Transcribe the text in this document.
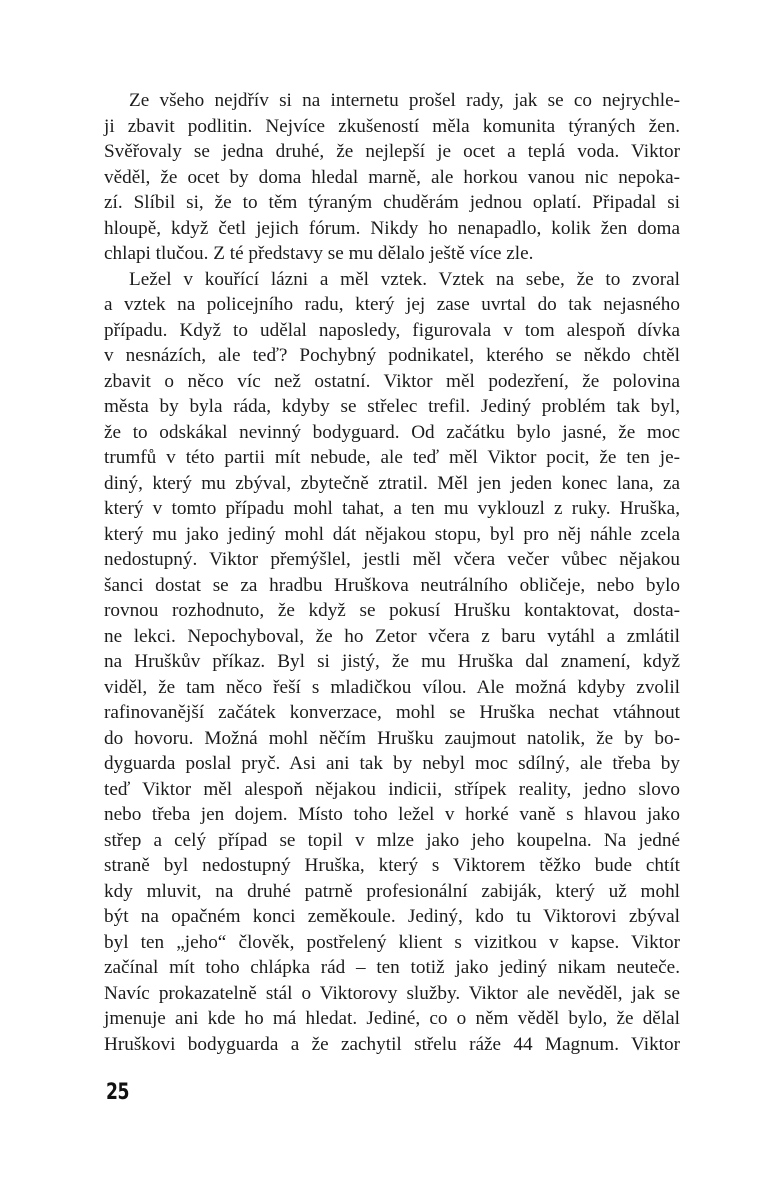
Ze všeho nejdřív si na internetu prošel rady, jak se co nejrychle-
ji zbavit podlitin. Nejvíce zkušeností měla komunita týraných žen.
Svěřovaly se jedna druhé, že nejlepší je ocet a teplá voda. Viktor
věděl, že ocet by doma hledal marně, ale horkou vanou nic nepoka-
zí. Slíbil si, že to těm týraným chuděrám jednou oplatí. Připadal si
hloupě, když četl jejich fórum. Nikdy ho nenapadlo, kolik žen doma
chlapi tlučou. Z té představy se mu dělalo ještě více zle.
Ležel v kouřící lázni a měl vztek. Vztek na sebe, že to zvoral
a vztek na policejního radu, který jej zase uvrtal do tak nejasného
případu. Když to udělal naposledy, figurovala v tom alespoň dívka
v nesnázích, ale teď? Pochybný podnikatel, kterého se někdo chtěl
zbavit o něco víc než ostatní. Viktor měl podezření, že polovina
města by byla ráda, kdyby se střelec trefil. Jediný problém tak byl,
že to odskákal nevinný bodyguard. Od začátku bylo jasné, že moc
trumfů v této partii mít nebude, ale teď měl Viktor pocit, že ten je-
diný, který mu zbýval, zbytečně ztratil. Měl jen jeden konec lana, za
který v tomto případu mohl tahat, a ten mu vyklouzl z ruky. Hruška,
který mu jako jediný mohl dát nějakou stopu, byl pro něj náhle zcela
nedostupný. Viktor přemýšlel, jestli měl včera večer vůbec nějakou
šanci dostat se za hradbu Hruškova neutrálního obličeje, nebo bylo
rovnou rozhodnuto, že když se pokusí Hrušku kontaktovat, dosta-
ne lekci. Nepochyboval, že ho Zetor včera z baru vytáhl a zmlátil
na Hruškův příkaz. Byl si jistý, že mu Hruška dal znamení, když
viděl, že tam něco řeší s mladičkou vílou. Ale možná kdyby zvolil
rafinovanější začátek konverzace, mohl se Hruška nechat vtáhnout
do hovoru. Možná mohl něčím Hrušku zaujmout natolik, že by bo-
dyguarda poslal pryč. Asi ani tak by nebyl moc sdílný, ale třeba by
teď Viktor měl alespoň nějakou indicii, střípek reality, jedno slovo
nebo třeba jen dojem. Místo toho ležel v horké vaně s hlavou jako
střep a celý případ se topil v mlze jako jeho koupelna. Na jedné
straně byl nedostupný Hruška, který s Viktorem těžko bude chtít
kdy mluvit, na druhé patrně profesionální zabiják, který už mohl
být na opačném konci zeměkoule. Jediný, kdo tu Viktorovi zbýval
byl ten „jeho“ člověk, postřelený klient s vizitkou v kapse. Viktor
začínal mít toho chlápka rád – ten totiž jako jediný nikam neuteče.
Navíc prokazatelně stál o Viktorovy služby. Viktor ale nevěděl, jak se
jmenuje ani kde ho má hledat. Jediné, co o něm věděl bylo, že dělal
Hruškovi bodyguarda a že zachytil střelu ráže 44 Magnum. Viktor
25
